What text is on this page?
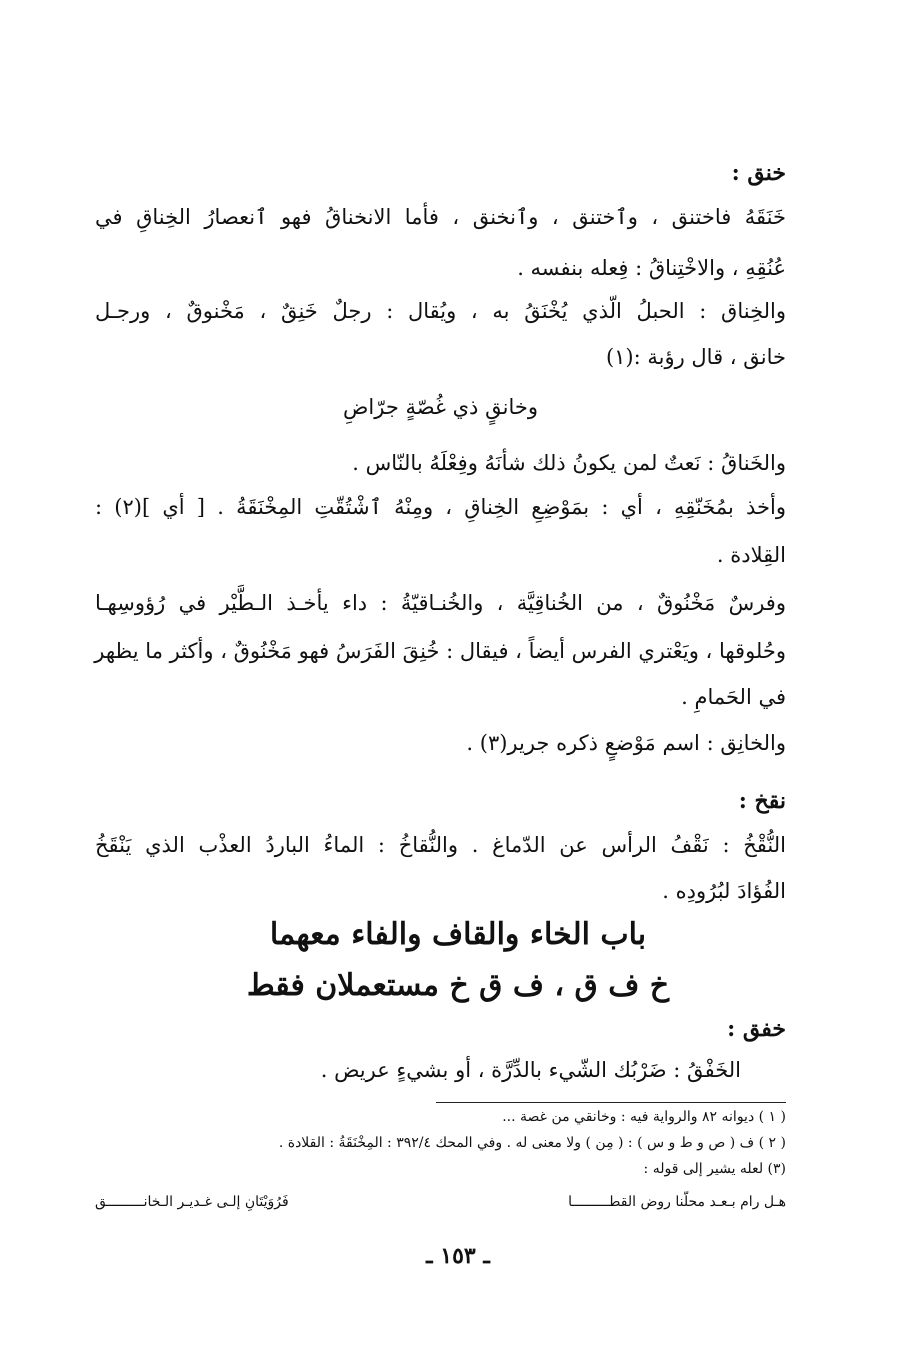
خنق :
خَنَقَهُ فاختنق ، وٱختنق ، وٱنخنق ، فأما الانخناقُ فهو ٱنعصارُ الخِناقِ في
عُنُقِهِ ، والاخْتِناقُ : فِعله بنفسه .
والخِناق : الحبلُ الّذي يُخْنَقُ به ، ويُقال : رجلٌ خَنِقٌ ، مَخْنوقٌ ، ورجـل
خانق ، قال رؤبة :(١)
وخانقٍ ذي غُصّةٍ جرّاضِ
والخَناقُ : نَعتٌ لمن يكونُ ذلك شأنَهُ وفِعْلَهُ بالنّاس .
وأخذ بمُخَنّقِهِ ، أي : بمَوْضِعِ الخِناقِ ، ومِنْهُ ٱشْتُقّتِ المِخْنَقَةُ . [ أي ](٢) :
القِلادة .
وفرسٌ مَخْنُوقٌ ، من الخُناقِيَّة ، والخُنـاقيّةُ : داء يأخـذ الـطَّيْر في رُؤوسِهـا
وحُلوقها ، ويَعْتري الفرس أيضاً ، فيقال : خُنِقَ الفَرَسُ فهو مَخْنُوقٌ ، وأكثر ما يظهر
في الحَمامِ .
والخانِق : اسم مَوْضعٍ ذكره جرير(٣) .
نقخ :
النُّقْخُ : نَقْفُ الرأس عن الدّماغ . والنُّقاخُ : الماءُ الباردُ العذْب الذي يَنْقَخُ
الفُؤادَ لبُرُودِه .
باب الخاء والقاف والفاء معهما
خ ف ق ، ف ق خ مستعملان فقط
خفق :
الخَفْقُ : ضَرْبُك الشّيء بالدِّرَّة ، أو بشيءٍ عريض .
( ١ ) ديوانه ٨٢ والرواية فيه : وخانقي من غصة ...
( ٢ ) ف ( ص و ط و س ) : ( مِن ) ولا معنى له . وفي المحك ٣٩٢/٤ : المِخْنَقَةُ : القلادة .
(٣) لعله يشير إلى قوله :
هـل رام بـعـد محلّنا روض القطـــــــــا
فَرُوَيْتَانِ إلـى غـديـر الـخانـــــــــق
ـ ١٥٣ ـ
